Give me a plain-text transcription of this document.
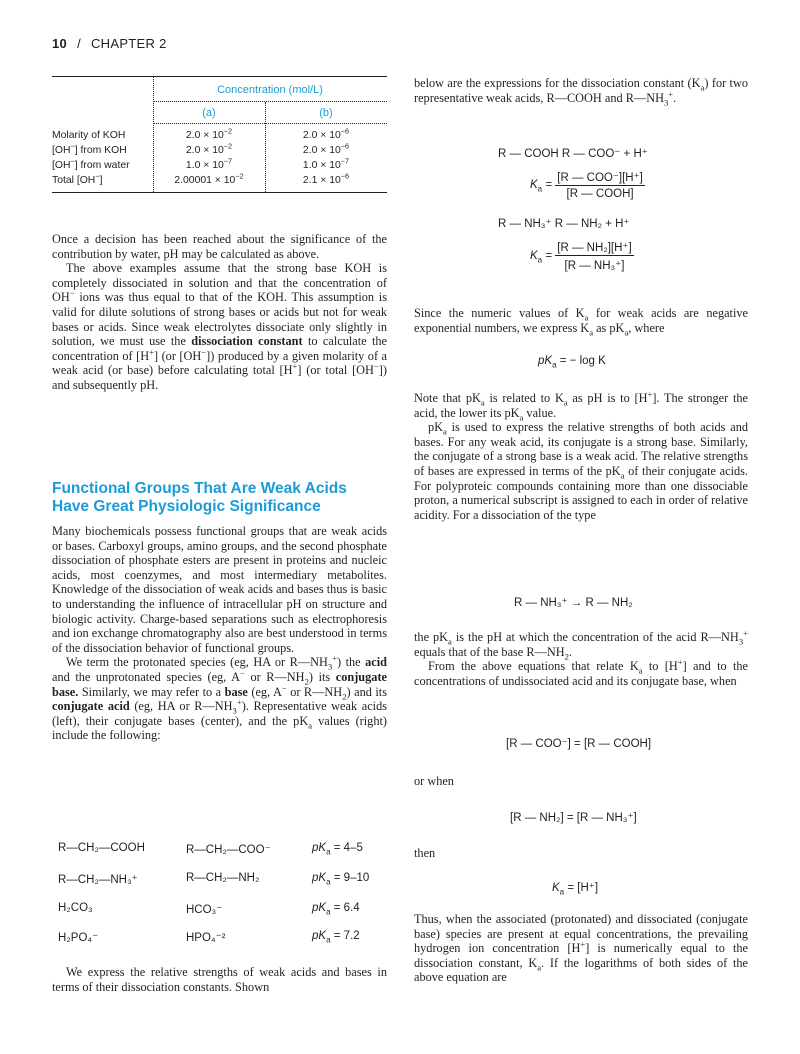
10 / CHAPTER 2
Concentration (mol/L)
(a)	(b)
Molarity of KOH	$2.0 \times 10^{-2}$	$2.0 \times 10^{-6}$
[OH−] from KOH	$2.0 \times 10^{-2}$	$2.0 \times 10^{-6}$
[OH−] from water	$1.0 \times 10^{-7}$	$1.0 \times 10^{-7}$
Total [OH−]	$2.00001 \times 10^{-2}$	$2.1 \times 10^{-6}$

Once a decision has been reached about the significance of the contribution by water, pH may be calculated as above.

The above examples assume that the strong base KOH is completely dissociated in solution and that the concentration of OH− ions was thus equal to that of the KOH. This assumption is valid for dilute solutions of strong bases or acids but not for weak bases or acids. Since weak electrolytes dissociate only slightly in solution, we must use the dissociation constant to calculate the concentration of [H+] (or [OH−]) produced by a given molarity of a weak acid (or base) before calculating total [H+] (or total [OH−]) and subsequently pH.

Functional Groups That Are Weak Acids Have Great Physiologic Significance

Many biochemicals possess functional groups that are weak acids or bases. Carboxyl groups, amino groups, and the second phosphate dissociation of phosphate esters are present in proteins and nucleic acids, most coenzymes, and most intermediary metabolites. Knowledge of the dissociation of weak acids and bases thus is basic to understanding the influence of intracellular pH on structure and biologic activity. Charge-based separations such as electrophoresis and ion exchange chromatography also are best understood in terms of the dissociation behavior of functional groups.

We term the protonated species (eg, HA or $R—NH_3^+$) the acid and the unprotonated species (eg, A− or $R—NH_2$) its conjugate base. Similarly, we may refer to a base (eg, A− or $R—NH_2$) and its conjugate acid (eg, HA or $R—NH_3^+$). Representative weak acids (left), their conjugate bases (center), and the $pK_a$ values (right) include the following:

R—CH₂—COOH	R—CH₂—COO⁻	$pK_a = 4-5$
R—CH₂—NH₃⁺	R—CH₂—NH₂	$pK_a = 9-10$
H₂CO₃	HCO₃⁻	$pK_a = 6.4$
H₂PO₄⁻	HPO₄⁻²	$pK_a = 7.2$

We express the relative strengths of weak acids and bases in terms of their dissociation constants. Shown

below are the expressions for the dissociation constant $(K_a)$ for two representative weak acids, R—COOH and $R—NH_3^+$.

R — COOH R — COO⁻ + H⁺
$K_a = \frac{\text{[R — COO⁻][H⁺]}}{\text{[R — COOH]}}$
R — NH₃⁺ R — NH₂ + H⁺
$K_a = \frac{\text{[R — NH₂][H⁺]}}{\text{[R — NH₃⁺]}}$

Since the numeric values of $K_a$ for weak acids are negative exponential numbers, we express $K_a$ as $pK_a$, where

$pK_a$ = − log K

Note that $pK_a$ is related to $K_a$ as pH is to [H+]. The stronger the acid, the lower its $pK_a$ value.

$pK_a$ is used to express the relative strengths of both acids and bases. For any weak acid, its conjugate is a strong base. Similarly, the conjugate of a strong base is a weak acid. The relative strengths of bases are expressed in terms of the $pK_a$ of their conjugate acids. For polyproteic compounds containing more than one dissociable proton, a numerical subscript is assigned to each in order of relative acidity. For a dissociation of the type

R — NH₃⁺ → R — NH₂

the $pK_a$ is the pH at which the concentration of the acid $R—NH_3^+$ equals that of the base $R—NH_2$.

From the above equations that relate $K_a$ to [H+] and to the concentrations of undissociated acid and its conjugate base, when

[R — COO⁻] = [R — COOH]

or when

[R — NH₂] = [R — NH₃⁺]

then

$K_a = [H^+]$

Thus, when the associated (protonated) and dissociated (conjugate base) species are present at equal concentrations, the prevailing hydrogen ion concentration [H+] is numerically equal to the dissociation constant, $K_a$. If the logarithms of both sides of the above equation are
